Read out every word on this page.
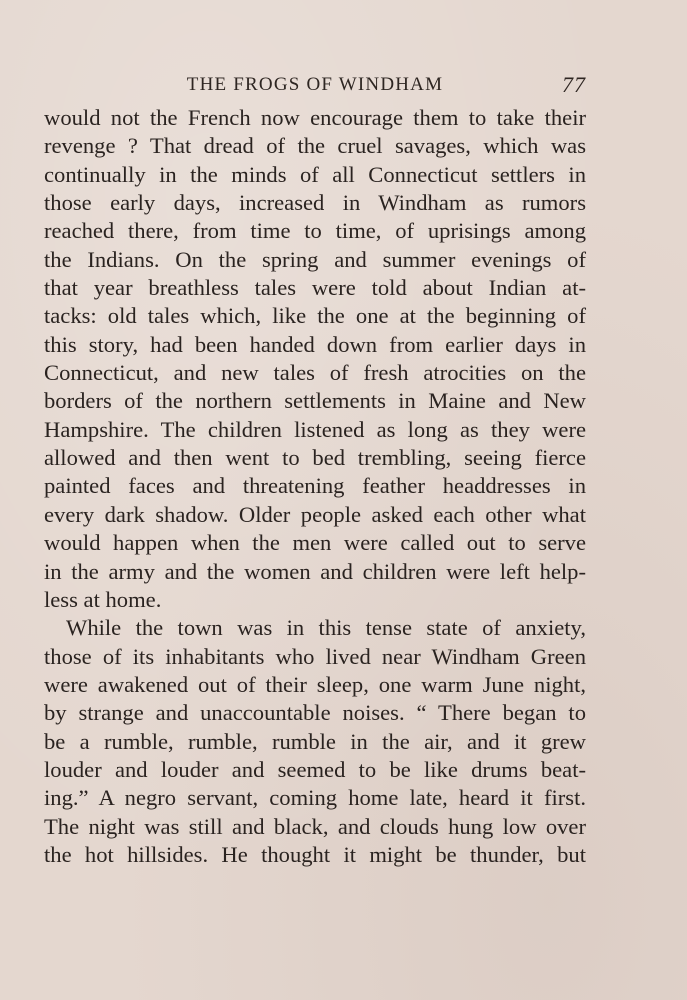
THE FROGS OF WINDHAM	77
would not the French now encourage them to take their
revenge ? That dread of the cruel savages, which was
continually in the minds of all Connecticut settlers in
those early days, increased in Windham as rumors
reached there, from time to time, of uprisings among
the Indians. On the spring and summer evenings of
that year breathless tales were told about Indian at-
tacks: old tales which, like the one at the beginning of
this story, had been handed down from earlier days in
Connecticut, and new tales of fresh atrocities on the
borders of the northern settlements in Maine and New
Hampshire. The children listened as long as they were
allowed and then went to bed trembling, seeing fierce
painted faces and threatening feather headdresses in
every dark shadow. Older people asked each other what
would happen when the men were called out to serve
in the army and the women and children were left help-
less at home.
While the town was in this tense state of anxiety,
those of its inhabitants who lived near Windham Green
were awakened out of their sleep, one warm June night,
by strange and unaccountable noises. “ There began to
be a rumble, rumble, rumble in the air, and it grew
louder and louder and seemed to be like drums beat-
ing.” A negro servant, coming home late, heard it first.
The night was still and black, and clouds hung low over
the hot hillsides. He thought it might be thunder, but
